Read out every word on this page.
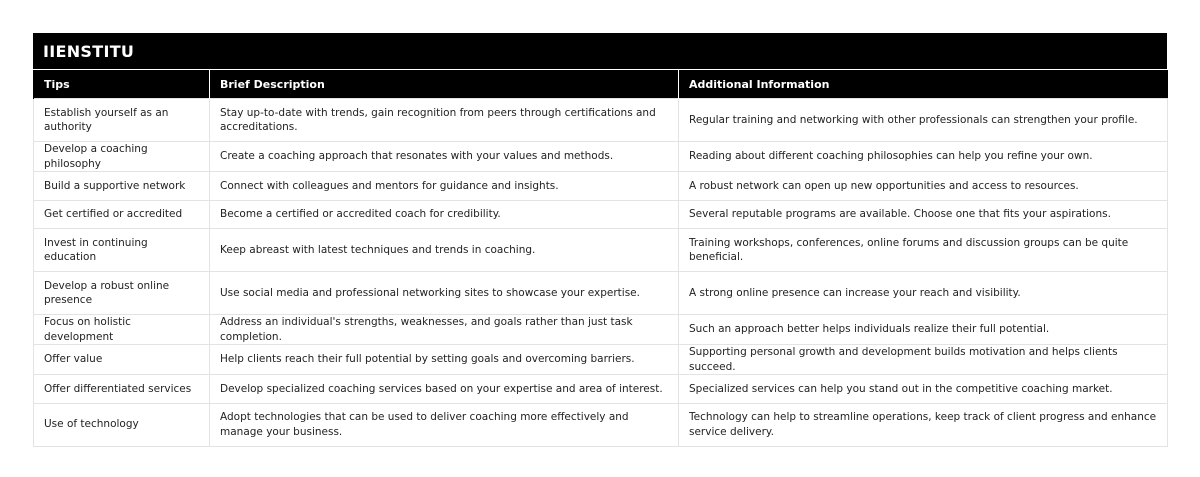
IIENSTITU
Tips	Brief Description	Additional Information
Establish yourself as an authority	Stay up-to-date with trends, gain recognition from peers through certifications and accreditations.	Regular training and networking with other professionals can strengthen your profile.
Develop a coaching philosophy	Create a coaching approach that resonates with your values and methods.	Reading about different coaching philosophies can help you refine your own.
Build a supportive network	Connect with colleagues and mentors for guidance and insights.	A robust network can open up new opportunities and access to resources.
Get certified or accredited	Become a certified or accredited coach for credibility.	Several reputable programs are available. Choose one that fits your aspirations.
Invest in continuing education	Keep abreast with latest techniques and trends in coaching.	Training workshops, conferences, online forums and discussion groups can be quite beneficial.
Develop a robust online presence	Use social media and professional networking sites to showcase your expertise.	A strong online presence can increase your reach and visibility.
Focus on holistic development	Address an individual's strengths, weaknesses, and goals rather than just task completion.	Such an approach better helps individuals realize their full potential.
Offer value	Help clients reach their full potential by setting goals and overcoming barriers.	Supporting personal growth and development builds motivation and helps clients succeed.
Offer differentiated services	Develop specialized coaching services based on your expertise and area of interest.	Specialized services can help you stand out in the competitive coaching market.
Use of technology	Adopt technologies that can be used to deliver coaching more effectively and manage your business.	Technology can help to streamline operations, keep track of client progress and enhance service delivery.
